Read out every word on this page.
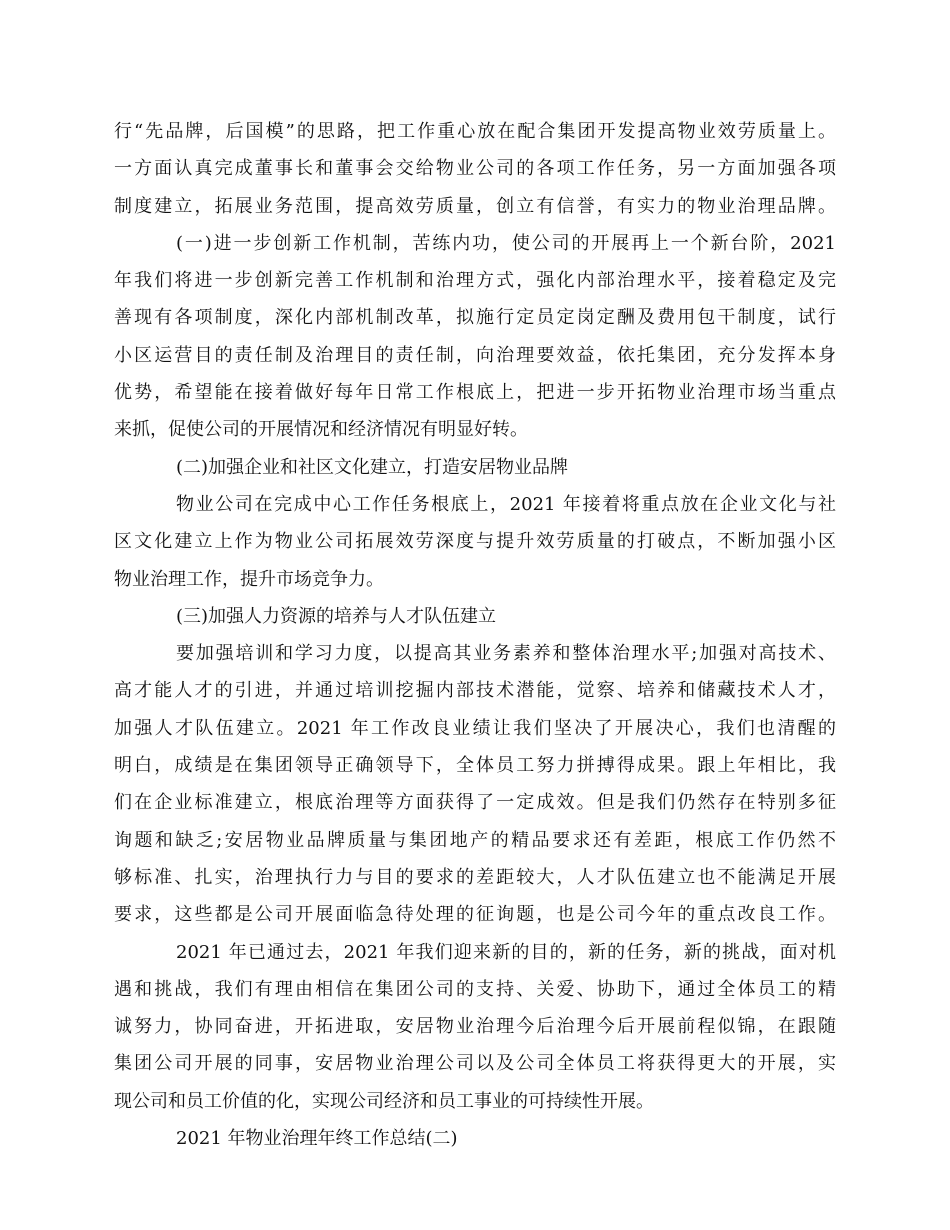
行“先品牌，后国模”的思路，把工作重心放在配合集团开发提高物业效劳质量上。
一方面认真完成董事长和董事会交给物业公司的各项工作任务，另一方面加强各项
制度建立，拓展业务范围，提高效劳质量，创立有信誉，有实力的物业治理品牌。
(一)进一步创新工作机制，苦练内功，使公司的开展再上一个新台阶，2021
年我们将进一步创新完善工作机制和治理方式，强化内部治理水平，接着稳定及完
善现有各项制度，深化内部机制改革，拟施行定员定岗定酬及费用包干制度，试行
小区运营目的责任制及治理目的责任制，向治理要效益，依托集团，充分发挥本身
优势，希望能在接着做好每年日常工作根底上，把进一步开拓物业治理市场当重点
来抓，促使公司的开展情况和经济情况有明显好转。
(二)加强企业和社区文化建立，打造安居物业品牌
物业公司在完成中心工作任务根底上，2021 年接着将重点放在企业文化与社
区文化建立上作为物业公司拓展效劳深度与提升效劳质量的打破点，不断加强小区
物业治理工作，提升市场竞争力。
(三)加强人力资源的培养与人才队伍建立
要加强培训和学习力度，以提高其业务素养和整体治理水平;加强对高技术、
高才能人才的引进，并通过培训挖掘内部技术潜能，觉察、培养和储藏技术人才，
加强人才队伍建立。2021 年工作改良业绩让我们坚决了开展决心，我们也清醒的
明白，成绩是在集团领导正确领导下，全体员工努力拼搏得成果。跟上年相比，我
们在企业标准建立，根底治理等方面获得了一定成效。但是我们仍然存在特别多征
询题和缺乏;安居物业品牌质量与集团地产的精品要求还有差距，根底工作仍然不
够标准、扎实，治理执行力与目的要求的差距较大，人才队伍建立也不能满足开展
要求，这些都是公司开展面临急待处理的征询题，也是公司今年的重点改良工作。
2021 年已通过去，2021 年我们迎来新的目的，新的任务，新的挑战，面对机
遇和挑战，我们有理由相信在集团公司的支持、关爱、协助下，通过全体员工的精
诚努力，协同奋进，开拓进取，安居物业治理今后治理今后开展前程似锦，在跟随
集团公司开展的同事，安居物业治理公司以及公司全体员工将获得更大的开展，实
现公司和员工价值的化，实现公司经济和员工事业的可持续性开展。
2021 年物业治理年终工作总结(二)
